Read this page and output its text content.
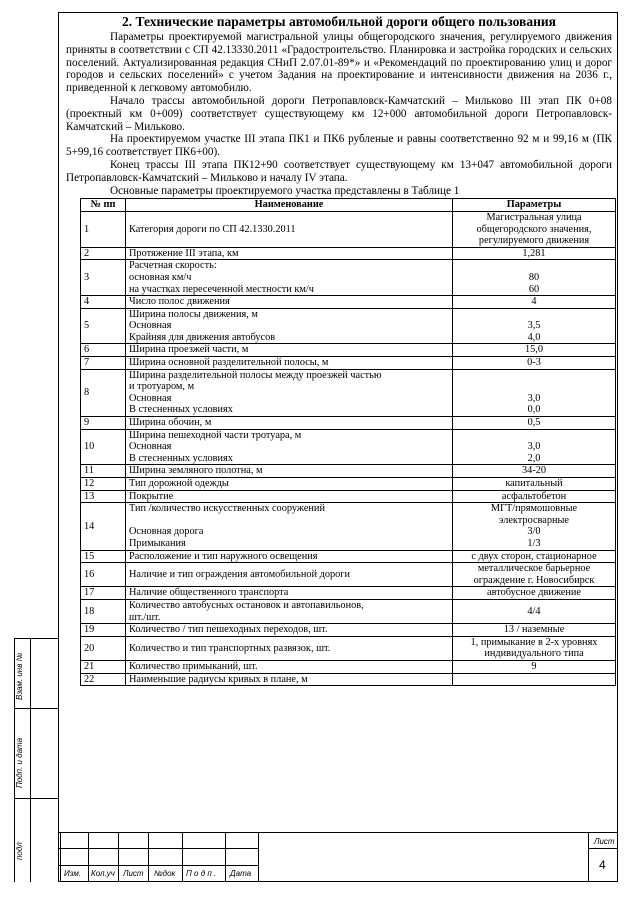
2. Технические параметры автомобильной дороги общего пользования

Параметры проектируемой магистральной улицы общегородского значения, регулируемого движения приняты в соответствии с СП 42.13330.2011 «Градостроительство. Планировка и застройка городских и сельских поселений. Актуализированная редакция СНиП 2.07.01-89*» и «Рекомендаций по проектированию улиц и дорог городов и сельских поселений» с учетом Задания на проектирование и интенсивности движения на 2036 г., приведенной к легковому автомобилю.

Начало трассы автомобильной дороги Петропавловск-Камчатский – Мильково III этап ПК 0+08 (проектный км 0+009) соответствует существующему км 12+000 автомобильной дороги Петропавловск-Камчатский – Мильково.

На проектируемом участке III этапа ПК1 и ПК6 рубленые и равны соответственно 92 м и 99,16 м (ПК 5+99,16 соответствует ПК6+00).

Конец трассы III этапа ПК12+90 соответствует существующему км 13+047 автомобильной дороги Петропавловск-Камчатский – Мильково и началу IV этапа.

Основные параметры проектируемого участка представлены в Таблице 1

№ пп	Наименование	Параметры
1	Категория дороги по СП 42.1330.2011	Магистральная улица
общегородского значения,
регулируемого движения

2	Протяжение III этапа, км	1,281

3	Расчетная скорость:
основная км/ч
на участках пересеченной местности км/ч	80
60

4	Число полос движения	4

5	Ширина полосы движения, м
Основная
Крайняя для движения автобусов	3,5
4,0

6	Ширина проезжей части, м	15,0

7	Ширина основной разделительной полосы, м	0-3

8	Ширина разделительной полосы между проезжей частью
и тротуаром, м
Основная
В стесненных условиях	3,0
0,0

9	Ширина обочин, м	0,5

10	Ширина пешеходной части тротуара, м
Основная
В стесненных условиях	3,0
2,0

11	Ширина земляного полотна, м	34-20

12	Тип дорожной одежды	капитальный

13	Покрытие	асфальтобетон

14	Тип /количество искусственных сооружений

Основная дорога
Примыкания	МГТ/прямошовные
электросварные
3/0
1/3

15	Расположение и тип наружного освещения	с двух сторон, стационарное

16	Наличие и тип ограждения автомобильной дороги	металлическое барьерное
ограждение г. Новосибирск

17	Наличие общественного транспорта	автобусное движение

18	Количество автобусных остановок и автопавильонов,
шт./шт.	4/4

19	Количество / тип пешеходных переходов, шт.	13 / наземные

20	Количество и тип транспортных развязок, шт.	1, примыкание в 2-х уровнях
индивидуального типа

21	Количество примыканий, шт.	9

22	Наименьшие радиусы кривых в плане, м	

Взам. инв №
Подп. и дата
подл
Изм. Кол.уч Лист №док П о д п . Дата
Лист
4
